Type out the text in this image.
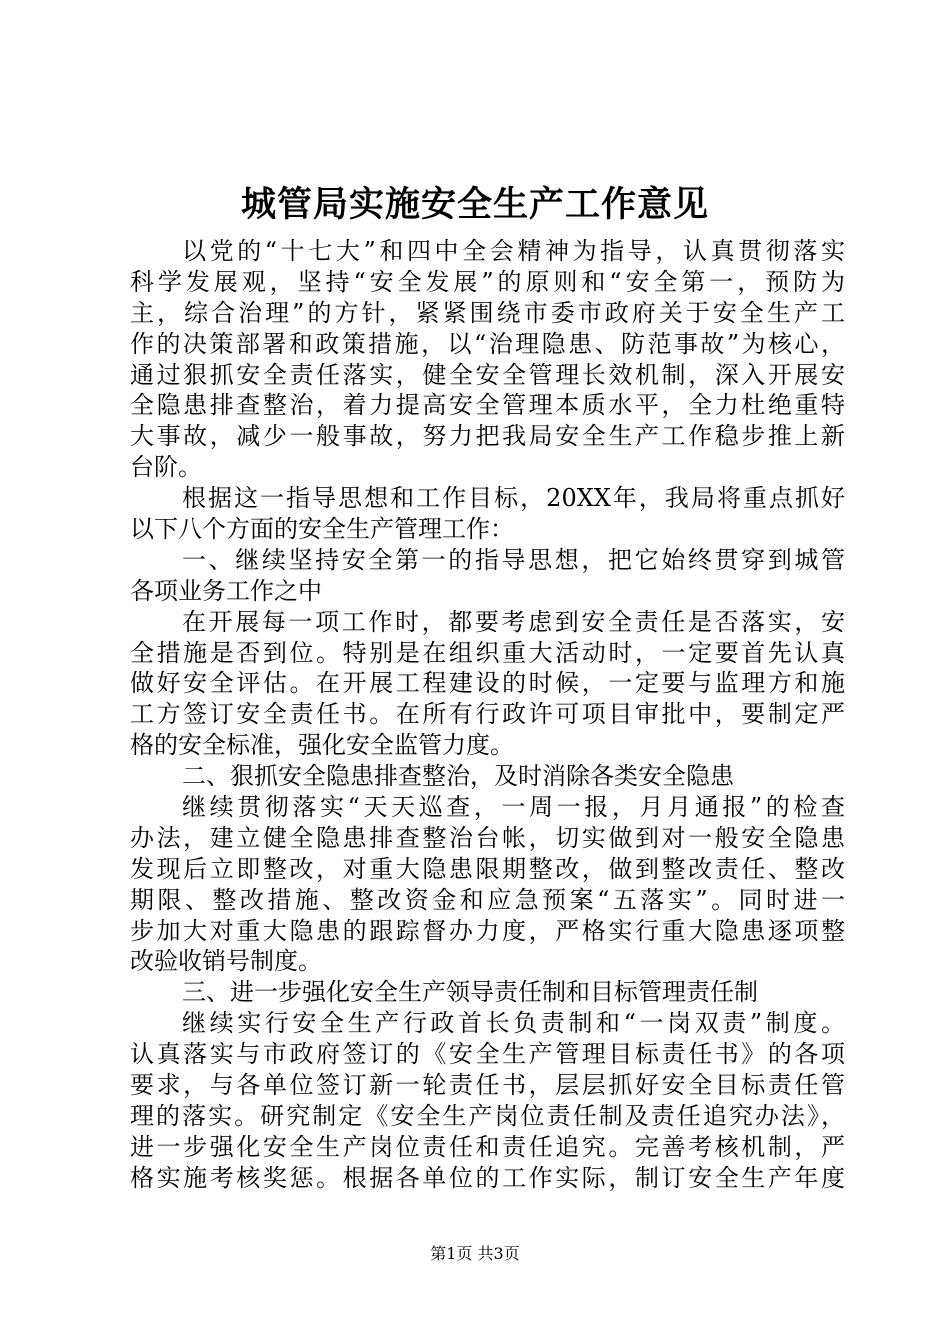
城管局实施安全生产工作意见
以党的“十七大”和四中全会精神为指导，认真贯彻落实
科学发展观，坚持“安全发展”的原则和“安全第一，预防为
主，综合治理”的方针，紧紧围绕市委市政府关于安全生产工
作的决策部署和政策措施，以“治理隐患、防范事故”为核心，
通过狠抓安全责任落实，健全安全管理长效机制，深入开展安
全隐患排查整治，着力提高安全管理本质水平，全力杜绝重特
大事故，减少一般事故，努力把我局安全生产工作稳步推上新
台阶。
根据这一指导思想和工作目标，20XX年，我局将重点抓好
以下八个方面的安全生产管理工作：
一、继续坚持安全第一的指导思想，把它始终贯穿到城管
各项业务工作之中
在开展每一项工作时，都要考虑到安全责任是否落实，安
全措施是否到位。特别是在组织重大活动时，一定要首先认真
做好安全评估。在开展工程建设的时候，一定要与监理方和施
工方签订安全责任书。在所有行政许可项目审批中，要制定严
格的安全标准，强化安全监管力度。
二、狠抓安全隐患排查整治，及时消除各类安全隐患
继续贯彻落实“天天巡查，一周一报，月月通报”的检查
办法，建立健全隐患排查整治台帐，切实做到对一般安全隐患
发现后立即整改，对重大隐患限期整改，做到整改责任、整改
期限、整改措施、整改资金和应急预案“五落实”。同时进一
步加大对重大隐患的跟踪督办力度，严格实行重大隐患逐项整
改验收销号制度。
三、进一步强化安全生产领导责任制和目标管理责任制
继续实行安全生产行政首长负责制和“一岗双责”制度。
认真落实与市政府签订的《安全生产管理目标责任书》的各项
要求，与各单位签订新一轮责任书，层层抓好安全目标责任管
理的落实。研究制定《安全生产岗位责任制及责任追究办法》，
进一步强化安全生产岗位责任和责任追究。完善考核机制，严
格实施考核奖惩。根据各单位的工作实际，制订安全生产年度
第1页 共3页
